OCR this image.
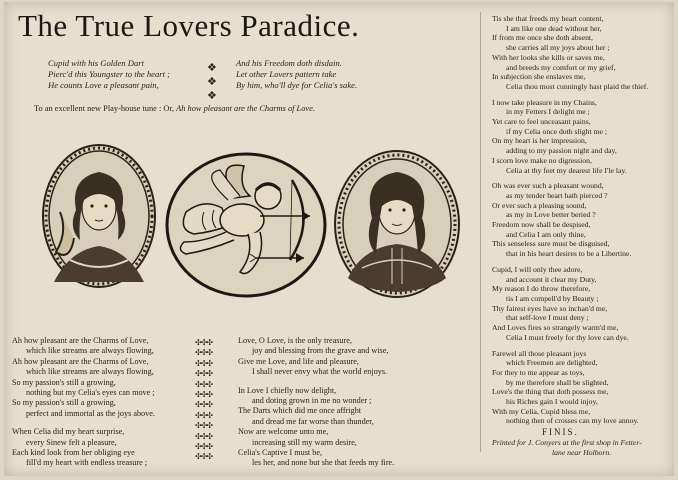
The True Lovers Paradice.
Cupid with his Golden Dart
Pierc'd this Youngster to the heart ;
He counts Love a pleasant pain,
❖
❖
❖
And his Freedom doth disdain.
Let other Lovers pattern take
By him, who'll dye for Celia's sake.
To an excellent new Play-house tune : Or, Ah how pleasant are the Charms of Love.
Ah how pleasant are the Charms of Love,
which like streams are always flowing,
Ah how pleasant are the Charms of Love,
which like streams are always flowing,
So my passion's still a growing,
nothing but my Celia's eyes can move ;
So my passion's still a growing,
perfect and immortal as the joys above.
When Celia did my heart surprise,
every Sinew felt a pleasure,
Each kind look from her obliging eye
fill'd my heart with endless treasure ;
✣✣✣
✣✣✣
✣✣✣
✣✣✣
✣✣✣
✣✣✣
✣✣✣
✣✣✣
✣✣✣
✣✣✣
✣✣✣
✣✣✣
Love, O Love, is the only treasure,
joy and blessing from the grave and wise,
Give me Love, and life and pleasure,
I shall never envy what the world enjoys.
In Love I chiefly now delight,
and doting grown in me no wonder ;
The Darts which did me once affright
and dread me far worse than thunder,
Now are welcome unto me,
increasing still my warm desire,
Celia's Captive I must be,
les her, and none but she that feeds my fire.
Tis she that freeds my heart content,
I am like one dead without her,
If from me once she doth absent,
she carries all my joys about her ;
With her looks she kills or saves me,
and breeds my comfort or my grief,
In subjection she enslaves me,
Celia thou most cunningly hast plaid the thief.
I now take pleasure in my Chains,
in my Fetters I delight me ;
Yet care to feel unceasant pains,
if my Celia once doth slight me ;
On my heart is her impression,
adding to my passion night and day,
I scorn love make no digression,
Celia at thy feet my dearest life I'le lay.
Oh was ever such a pleasant wound,
as my tender heart hath pierced ?
Or ever such a pleasing sound,
as my in Love better beried ?
Freedom now shall be despised,
and Celia I am only thine,
This senseless sure must be disguised,
that in his heart desires to be a Libertine.
Cupid, I will only thee adore,
and account it clear my Duty,
My reason I do throw therefore,
tis I am compell'd by Beauty ;
Thy fairest eyes have so inchan'd me,
that self-love I must deny ;
And Loves fires so strangely warm'd me,
Celia I must freely for thy love can dye.
Farewel all those pleasant joys
which Freemen are delighted,
For they to me appear as toys,
by me therefore shall be slighted,
Love's the thing that doth possess me,
his Riches gain I would injoy,
With my Celia, Cupid bless me,
nothing then of crosses can my love annoy.
FINIS.
Printed for J. Conyers at the first shop in Fetter-
lane near Holborn.
